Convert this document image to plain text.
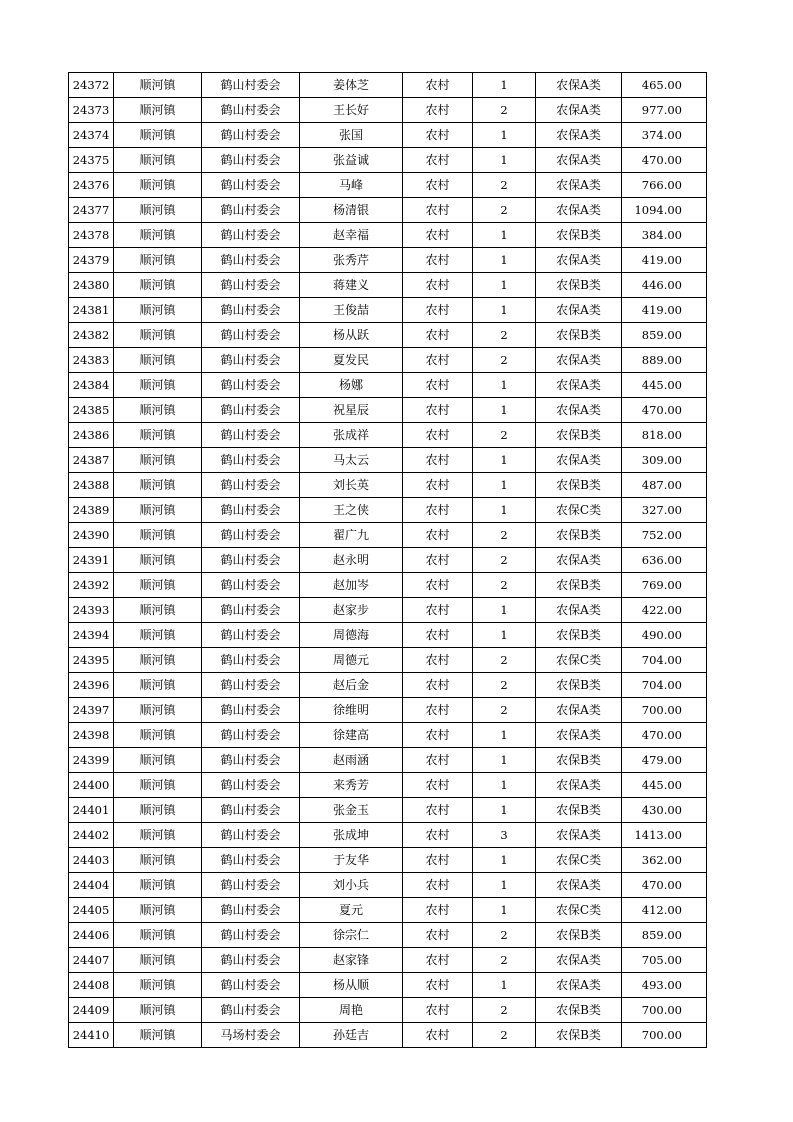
24372	顺河镇	鹤山村委会	姜体芝	农村	1	农保A类	465.00
24373	顺河镇	鹤山村委会	王长好	农村	2	农保A类	977.00
24374	顺河镇	鹤山村委会	张国	农村	1	农保A类	374.00
24375	顺河镇	鹤山村委会	张益诚	农村	1	农保A类	470.00
24376	顺河镇	鹤山村委会	马峰	农村	2	农保A类	766.00
24377	顺河镇	鹤山村委会	杨清银	农村	2	农保A类	1094.00
24378	顺河镇	鹤山村委会	赵幸福	农村	1	农保B类	384.00
24379	顺河镇	鹤山村委会	张秀芹	农村	1	农保A类	419.00
24380	顺河镇	鹤山村委会	蒋建义	农村	1	农保B类	446.00
24381	顺河镇	鹤山村委会	王俊喆	农村	1	农保A类	419.00
24382	顺河镇	鹤山村委会	杨从跃	农村	2	农保B类	859.00
24383	顺河镇	鹤山村委会	夏发民	农村	2	农保A类	889.00
24384	顺河镇	鹤山村委会	杨娜	农村	1	农保A类	445.00
24385	顺河镇	鹤山村委会	祝星辰	农村	1	农保A类	470.00
24386	顺河镇	鹤山村委会	张成祥	农村	2	农保B类	818.00
24387	顺河镇	鹤山村委会	马太云	农村	1	农保A类	309.00
24388	顺河镇	鹤山村委会	刘长英	农村	1	农保B类	487.00
24389	顺河镇	鹤山村委会	王之侠	农村	1	农保C类	327.00
24390	顺河镇	鹤山村委会	翟广九	农村	2	农保B类	752.00
24391	顺河镇	鹤山村委会	赵永明	农村	2	农保A类	636.00
24392	顺河镇	鹤山村委会	赵加岑	农村	2	农保B类	769.00
24393	顺河镇	鹤山村委会	赵家步	农村	1	农保A类	422.00
24394	顺河镇	鹤山村委会	周德海	农村	1	农保B类	490.00
24395	顺河镇	鹤山村委会	周德元	农村	2	农保C类	704.00
24396	顺河镇	鹤山村委会	赵后金	农村	2	农保B类	704.00
24397	顺河镇	鹤山村委会	徐维明	农村	2	农保A类	700.00
24398	顺河镇	鹤山村委会	徐建高	农村	1	农保A类	470.00
24399	顺河镇	鹤山村委会	赵雨涵	农村	1	农保B类	479.00
24400	顺河镇	鹤山村委会	来秀芳	农村	1	农保A类	445.00
24401	顺河镇	鹤山村委会	张金玉	农村	1	农保B类	430.00
24402	顺河镇	鹤山村委会	张成坤	农村	3	农保A类	1413.00
24403	顺河镇	鹤山村委会	于友华	农村	1	农保C类	362.00
24404	顺河镇	鹤山村委会	刘小兵	农村	1	农保A类	470.00
24405	顺河镇	鹤山村委会	夏元	农村	1	农保C类	412.00
24406	顺河镇	鹤山村委会	徐宗仁	农村	2	农保B类	859.00
24407	顺河镇	鹤山村委会	赵家锋	农村	2	农保A类	705.00
24408	顺河镇	鹤山村委会	杨从顺	农村	1	农保A类	493.00
24409	顺河镇	鹤山村委会	周艳	农村	2	农保B类	700.00
24410	顺河镇	马场村委会	孙廷吉	农村	2	农保B类	700.00
